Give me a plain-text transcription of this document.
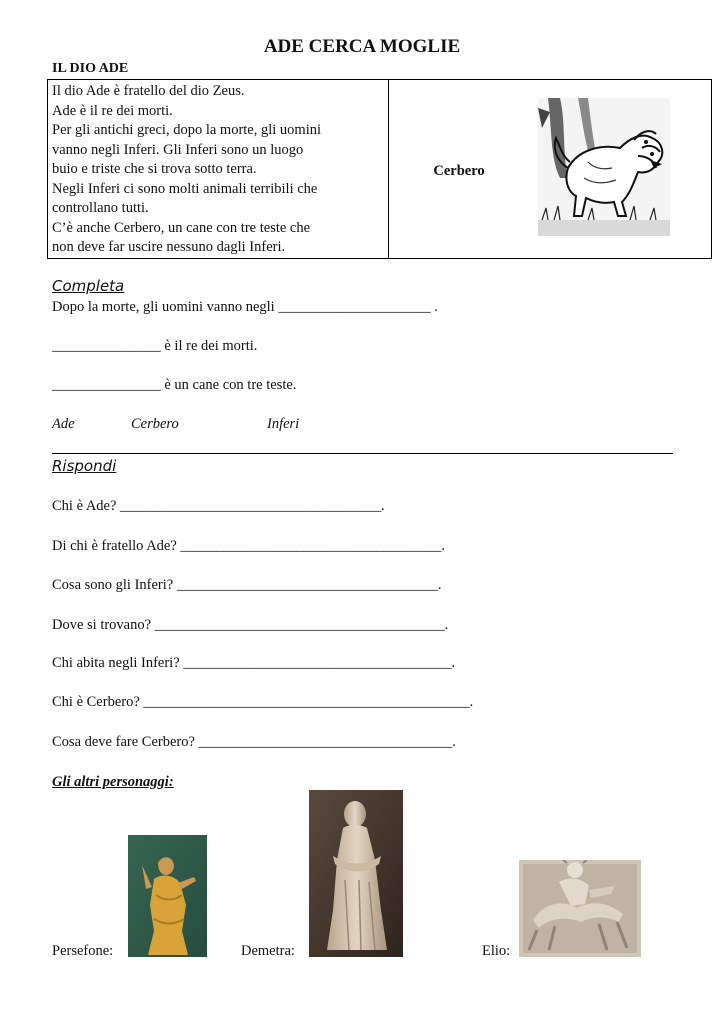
ADE CERCA MOGLIE
IL DIO ADE
Il dio Ade è fratello del dio Zeus.
Ade è il re dei morti.
Per gli antichi greci, dopo la morte, gli uomini
vanno negli Inferi. Gli Inferi sono un luogo
buio e triste che si trova sotto terra.
Negli Inferi ci sono molti animali terribili che
controllano tutti.
C’è anche Cerbero, un cane con tre teste che
non deve far uscire nessuno dagli Inferi.

Cerbero
Completa
Dopo la morte, gli uomini vanno negli _____________________ .
_______________ è il re dei morti.
_______________ è un cane con tre teste.
Ade	Cerbero	Inferi
Rispondi
Chi è Ade? ____________________________________.
Di chi è fratello Ade? ____________________________________.
Cosa sono gli Inferi? ____________________________________.
Dove si trovano? ________________________________________.
Chi abita negli Inferi? _____________________________________.
Chi è Cerbero? _____________________________________________.
Cosa deve fare Cerbero? ___________________________________.
Gli altri personaggi:
Persefone:	Demetra:	Elio:
